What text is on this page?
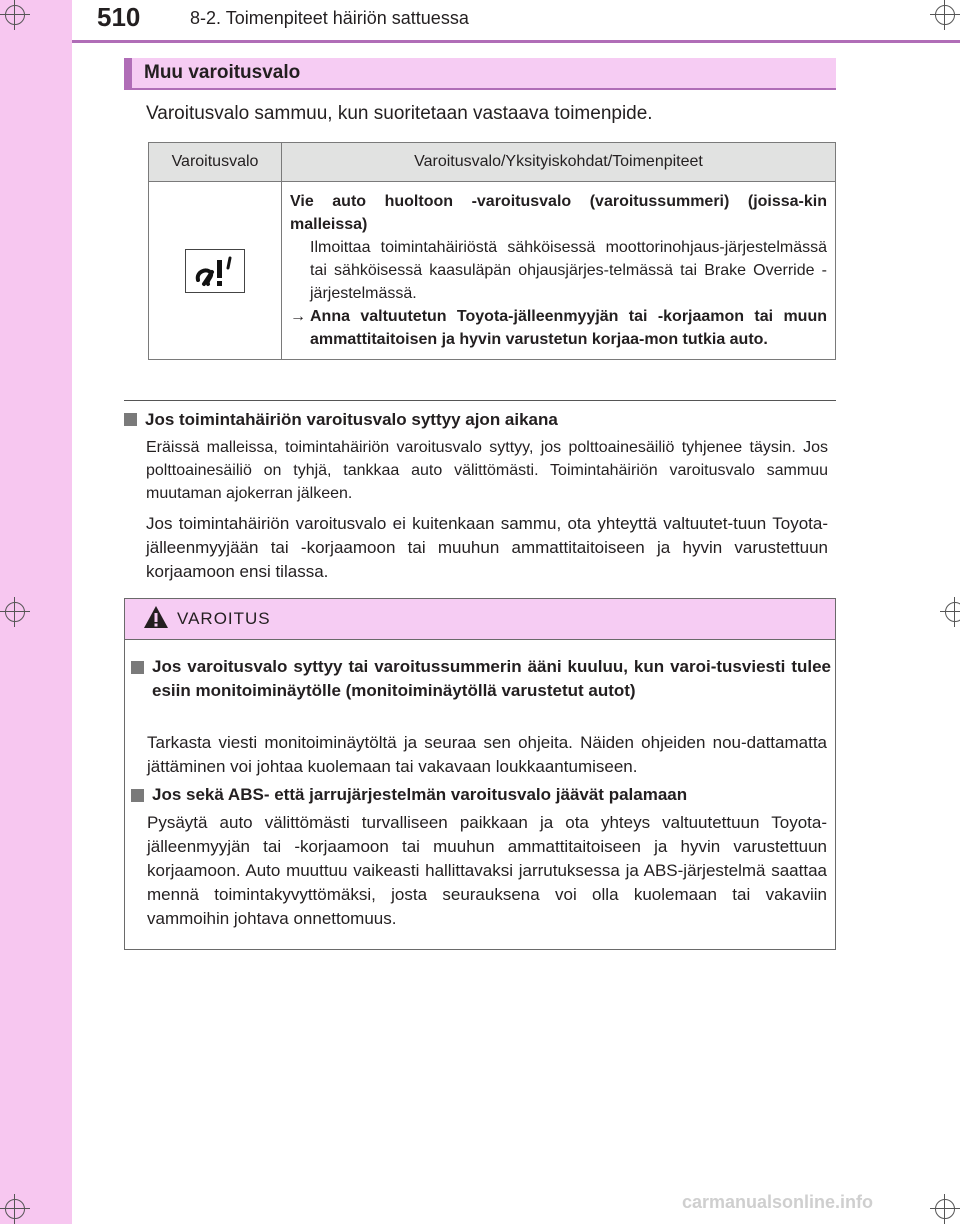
510	8-2. Toimenpiteet häiriön sattuessa
Muu varoitusvalo
Varoitusvalo sammuu, kun suoritetaan vastaava toimenpide.
Varoitusvalo	Varoitusvalo/Yksityiskohdat/Toimenpiteet

Vie auto huoltoon -varoitusvalo (varoitussummeri) (joissa-kin malleissa)
Ilmoittaa toimintahäiriöstä sähköisessä moottorinohjaus-järjestelmässä tai sähköisessä kaasuläpän ohjausjärjes-telmässä tai Brake Override -järjestelmässä.
→ Anna valtuutetun Toyota-jälleenmyyjän tai -korjaamon tai muun ammattitaitoisen ja hyvin varustetun korjaa-mon tutkia auto.
Jos toimintahäiriön varoitusvalo syttyy ajon aikana
Eräissä malleissa, toimintahäiriön varoitusvalo syttyy, jos polttoainesäiliö tyhjenee täysin. Jos polttoainesäiliö on tyhjä, tankkaa auto välittömästi. Toimintahäiriön varoitusvalo sammuu muutaman ajokerran jälkeen.
Jos toimintahäiriön varoitusvalo ei kuitenkaan sammu, ota yhteyttä valtuutet-tuun Toyota-jälleenmyyjään tai -korjaamoon tai muuhun ammattitaitoiseen ja hyvin varustettuun korjaamoon ensi tilassa.
VAROITUS
Jos varoitusvalo syttyy tai varoitussummerin ääni kuuluu, kun varoi-tusviesti tulee esiin monitoiminäytölle (monitoiminäytöllä varustetut autot)
Tarkasta viesti monitoiminäytöltä ja seuraa sen ohjeita. Näiden ohjeiden nou-dattamatta jättäminen voi johtaa kuolemaan tai vakavaan loukkaantumiseen.
Jos sekä ABS- että jarrujärjestelmän varoitusvalo jäävät palamaan
Pysäytä auto välittömästi turvalliseen paikkaan ja ota yhteys valtuutettuun Toyota-jälleenmyyjän tai -korjaamoon tai muuhun ammattitaitoiseen ja hyvin varustettuun korjaamoon. Auto muuttuu vaikeasti hallittavaksi jarrutuksessa ja ABS-järjestelmä saattaa mennä toimintakyvyttömäksi, josta seurauksena voi olla kuolemaan tai vakaviin vammoihin johtava onnettomuus.
carmanualsonline.info
